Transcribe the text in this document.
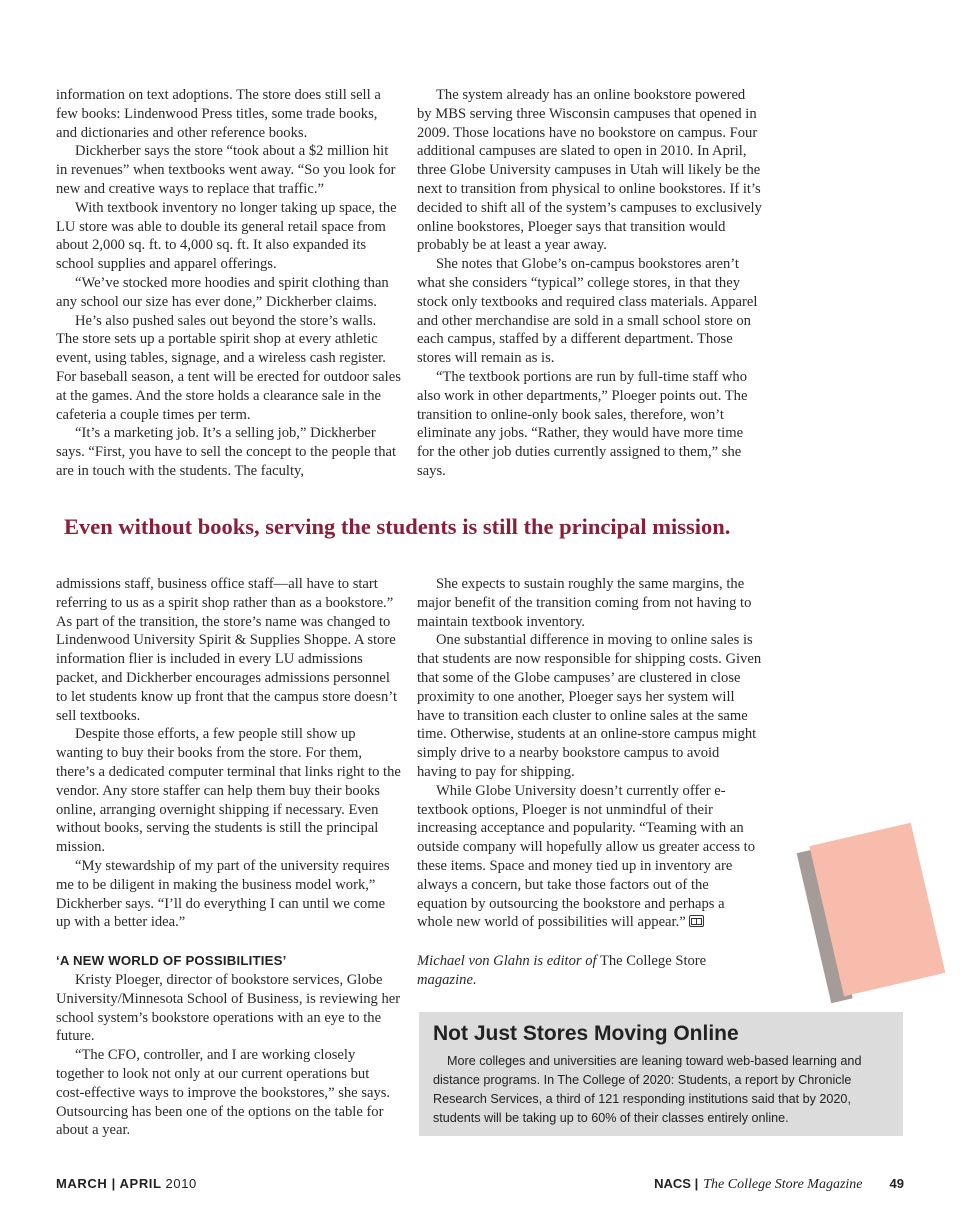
information on text adoptions. The store does still sell a few books: Lindenwood Press titles, some trade books, and dictionaries and other reference books.

Dickherber says the store “took about a $2 million hit in revenues” when textbooks went away. “So you look for new and creative ways to replace that traffic.”

With textbook inventory no longer taking up space, the LU store was able to double its general retail space from about 2,000 sq. ft. to 4,000 sq. ft. It also expanded its school supplies and apparel offerings.

“We’ve stocked more hoodies and spirit clothing than any school our size has ever done,” Dickherber claims.

He’s also pushed sales out beyond the store’s walls. The store sets up a portable spirit shop at every athletic event, using tables, signage, and a wireless cash register. For baseball season, a tent will be erected for outdoor sales at the games. And the store holds a clearance sale in the cafeteria a couple times per term.

“It’s a marketing job. It’s a selling job,” Dickherber says. “First, you have to sell the concept to the people that are in touch with the students. The faculty,

The system already has an online bookstore powered by MBS serving three Wisconsin campuses that opened in 2009. Those locations have no bookstore on campus. Four additional campuses are slated to open in 2010. In April, three Globe University campuses in Utah will likely be the next to transition from physical to online bookstores. If it’s decided to shift all of the system’s campuses to exclusively online bookstores, Ploeger says that transition would probably be at least a year away.

She notes that Globe’s on-campus bookstores aren’t what she considers “typical” college stores, in that they stock only textbooks and required class materials. Apparel and other merchandise are sold in a small school store on each campus, staffed by a different department. Those stores will remain as is.

“The textbook portions are run by full-time staff who also work in other departments,” Ploeger points out. The transition to online-only book sales, therefore, won’t eliminate any jobs. “Rather, they would have more time for the other job duties currently assigned to them,” she says.

Even without books, serving the students is still the principal mission.

admissions staff, business office staff—all have to start referring to us as a spirit shop rather than as a bookstore.” As part of the transition, the store’s name was changed to Lindenwood University Spirit & Supplies Shoppe. A store information flier is included in every LU admissions packet, and Dickherber encourages admissions personnel to let students know up front that the campus store doesn’t sell textbooks.

Despite those efforts, a few people still show up wanting to buy their books from the store. For them, there’s a dedicated computer terminal that links right to the vendor. Any store staffer can help them buy their books online, arranging overnight shipping if necessary. Even without books, serving the students is still the principal mission.

“My stewardship of my part of the university requires me to be diligent in making the business model work,” Dickherber says. “I’ll do everything I can until we come up with a better idea.”

‘A NEW WORLD OF POSSIBILITIES’

Kristy Ploeger, director of bookstore services, Globe University/Minnesota School of Business, is reviewing her school system’s bookstore operations with an eye to the future.

“The CFO, controller, and I are working closely together to look not only at our current operations but cost-effective ways to improve the bookstores,” she says. Outsourcing has been one of the options on the table for about a year.

She expects to sustain roughly the same margins, the major benefit of the transition coming from not having to maintain textbook inventory.

One substantial difference in moving to online sales is that students are now responsible for shipping costs. Given that some of the Globe campuses’ are clustered in close proximity to one another, Ploeger says her system will have to transition each cluster to online sales at the same time. Otherwise, students at an online-store campus might simply drive to a nearby bookstore campus to avoid having to pay for shipping.

While Globe University doesn’t currently offer e-textbook options, Ploeger is not unmindful of their increasing acceptance and popularity. “Teaming with an outside company will hopefully allow us greater access to these items. Space and money tied up in inventory are always a concern, but take those factors out of the equation by outsourcing the bookstore and perhaps a whole new world of possibilities will appear.”

Michael von Glahn is editor of The College Store magazine.

Not Just Stores Moving Online

More colleges and universities are leaning toward web-based learning and distance programs. In The College of 2020: Students, a report by Chronicle Research Services, a third of 121 responding institutions said that by 2020, students will be taking up to 60% of their classes entirely online.

MARCH | APRIL 2010	NACS | The College Store Magazine 49
